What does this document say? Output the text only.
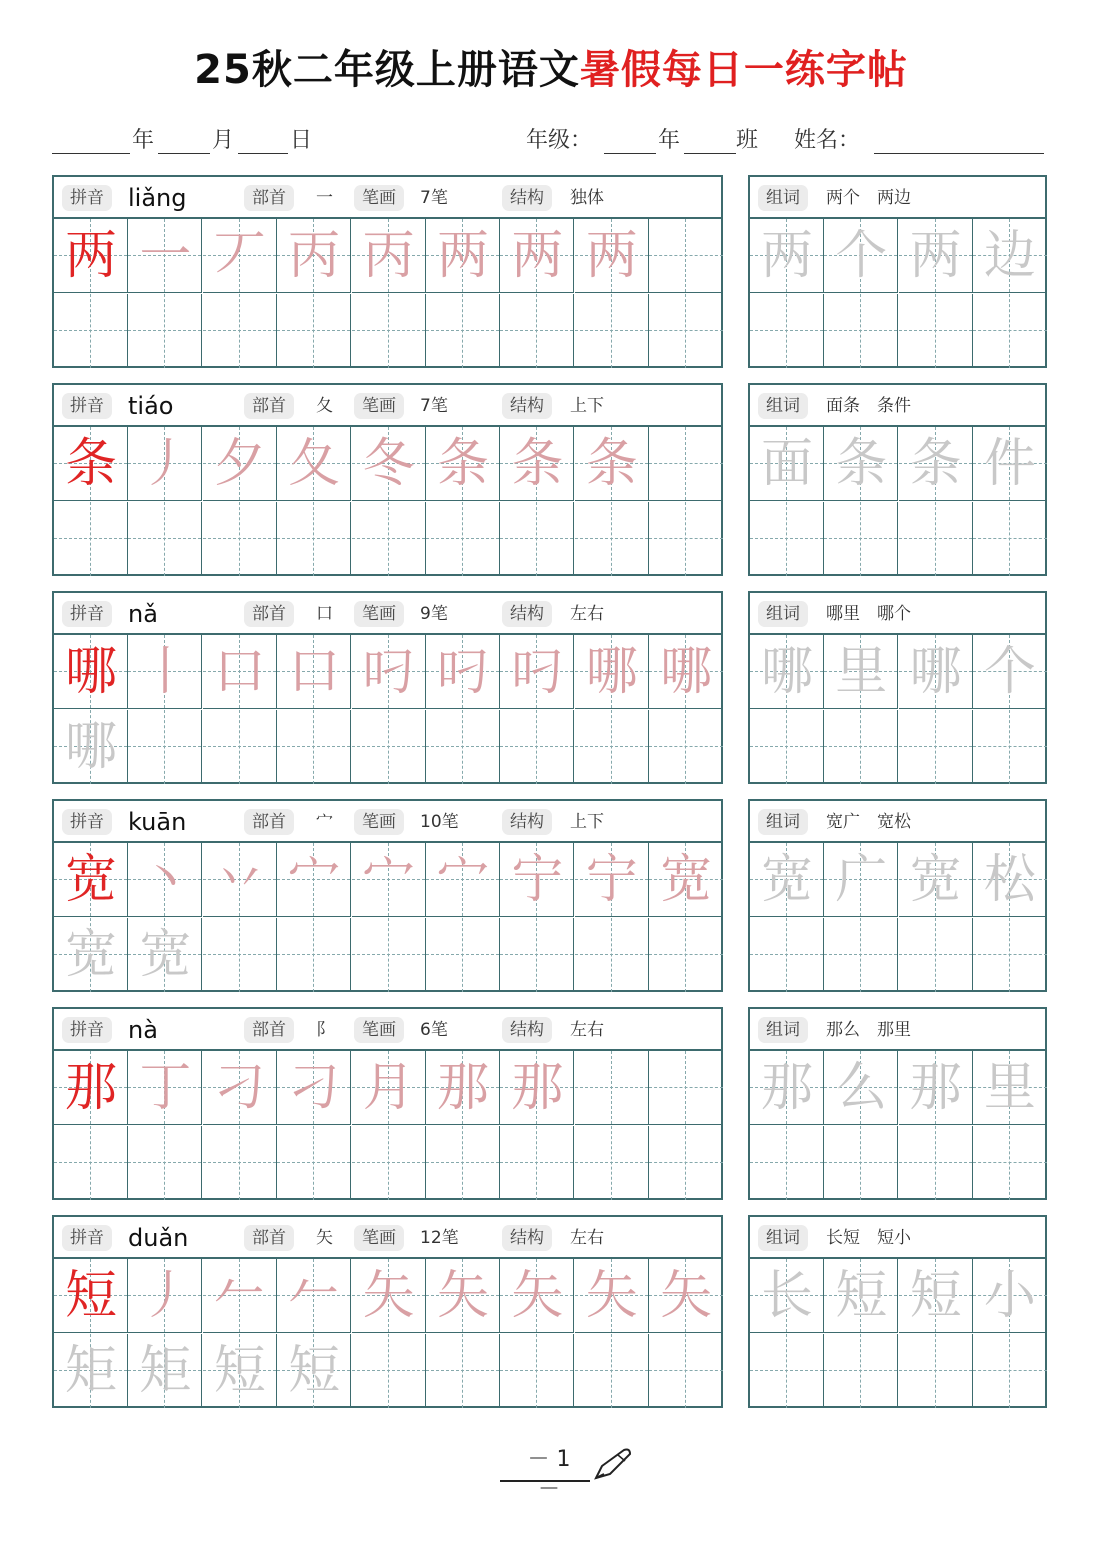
25秋二年级上册语文暑假每日一练字帖
年	月	日	年级：	年	班 姓名：
拼音	部首	笔画	结构
liǎng	一	7笔	独体
两 一 丆 丙 丙 两 两 两
组词	两个　两边
两 个 两 边
拼音	部首	笔画	结构
tiáo	夂	7笔	上下
条 丿 夕 夂 冬 条 条 条
组词	面条　条件
面 条 条 件
拼音	部首	笔画	结构
nǎ	口	9笔	左右
哪 丨 口 口 叼 叼 叼 哪 哪
哪
组词	哪里　哪个
哪 里 哪 个
拼音	部首	笔画	结构
kuān	宀	10笔	上下
宽 丶 丷 宀 宀 宀 宁 宁 宽
宽 宽
组词	宽广　宽松
宽 广 宽 松
拼音	部首	笔画	结构
nà	阝	6笔	左右
那 丁 刁 刁 月 那 那
组词	那么　那里
那 么 那 里
拼音	部首	笔画	结构
duǎn	矢	12笔	左右
短 丿 𠂉 𠂉 矢 矢 矢 矢 矢
矩 矩 短 短
组词	长短　短小
长 短 短 小
－ 1 －
